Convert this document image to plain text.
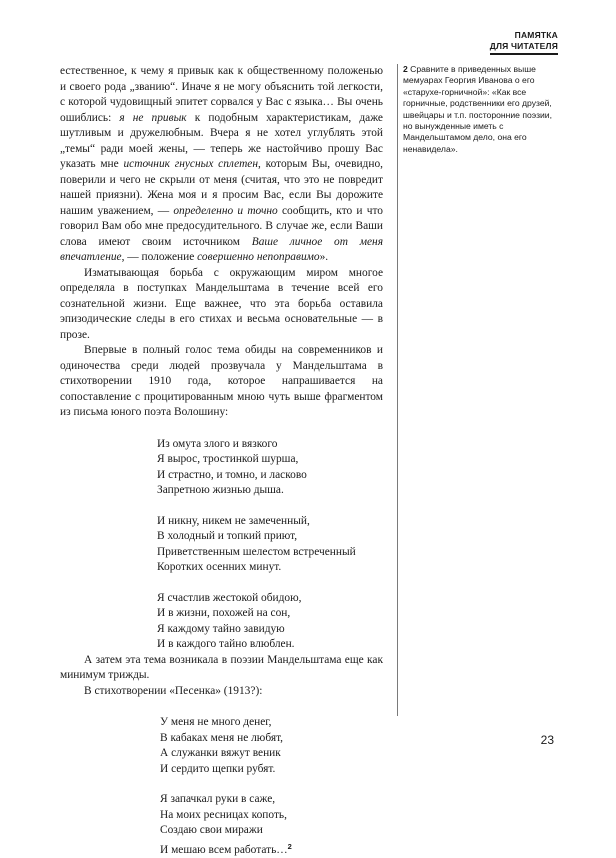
ПАМЯТКА
ДЛЯ ЧИТАТЕЛЯ

естественное, к чему я привык как к общественному положенью и своего рода „званию“. Иначе я не могу объяснить той легкости, с которой чудовищный эпитет сорвался у Вас с языка… Вы очень ошиблись: я не привык к подобным характеристикам, даже шутливым и дружелюбным. Вчера я не хотел углублять этой „темы“ ради моей жены, — теперь же настойчиво прошу Вас указать мне источник гнусных сплетен, которым Вы, очевидно, поверили и чего не скрыли от меня (считая, что это не повредит нашей приязни). Жена моя и я просим Вас, если Вы дорожите нашим уважением, — определенно и точно сообщить, кто и что говорил Вам обо мне предосудительного. В случае же, если Ваши слова имеют своим источником Ваше личное от меня впечатление, — положение совершенно непоправимо».

Изматывающая борьба с окружающим миром многое определяла в поступках Мандельштама в течение всей его сознательной жизни. Еще важнее, что эта борьба оставила эпизодические следы в его стихах и весьма основательные — в прозе.

Впервые в полный голос тема обиды на современников и одиночества среди людей прозвучала у Мандельштама в стихотворении 1910 года, которое напрашивается на сопоставление с процитированным мною чуть выше фрагментом из письма юного поэта Волошину:

Из омута злого и вязкого
Я вырос, тростинкой шурша,
И страстно, и томно, и ласково
Запретною жизнью дыша.
И никну, никем не замеченный,
В холодный и топкий приют,
Приветственным шелестом встреченный
Коротких осенних минут.
Я счастлив жестокой обидою,
И в жизни, похожей на сон,
Я каждому тайно завидую
И в каждого тайно влюблен.

А затем эта тема возникала в поэзии Мандельштама еще как минимум трижды.

В стихотворении «Песенка» (1913?):

У меня не много денег,
В кабаках меня не любят,
А служанки вяжут веник
И сердито щепки рубят.
Я запачкал руки в саже,
На моих ресницах копоть,
Создаю свои миражи
И мешаю всем работать…$^2$
2 Сравните в приведенных выше мемуарах Георгия Иванова о его «старухе-горничной»: «Как все горничные, родственники его друзей, швейцары и т.п. посторонние поэзии, но вынужденные иметь с Мандельштамом дело, она его ненавидела».
23
